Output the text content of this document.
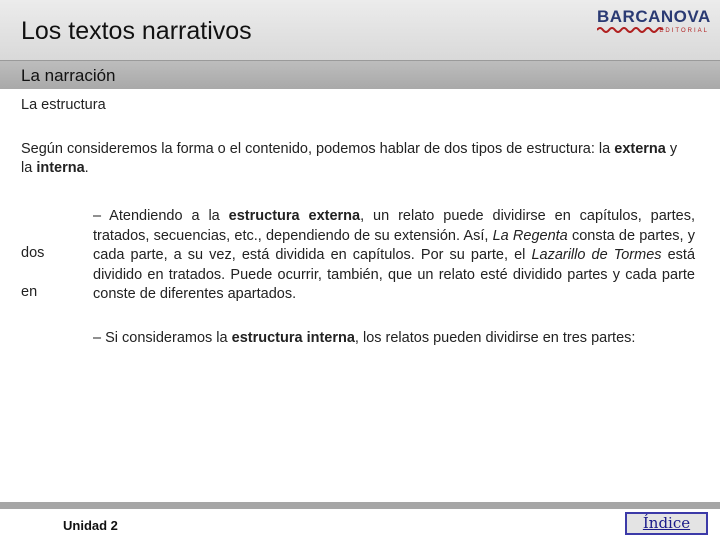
Los textos narrativos
BARCANOVA
EDITORIAL
La narración
La estructura
Según consideremos la forma o el contenido, podemos hablar de dos tipos de estructura: la externa y la interna.
dos
en
– Atendiendo a la estructura externa, un relato puede dividirse en capítulos, partes, tratados, secuencias, etc., dependiendo de su extensión. Así, La Regenta consta de partes, y cada parte, a su vez, está dividida en capítulos. Por su parte, el Lazarillo de Tormes está dividido en tratados. Puede ocurrir, también, que un relato esté dividido partes y cada parte conste de diferentes apartados.
– Si consideramos la estructura interna, los relatos pueden dividirse en tres partes:
Unidad 2	Índice
